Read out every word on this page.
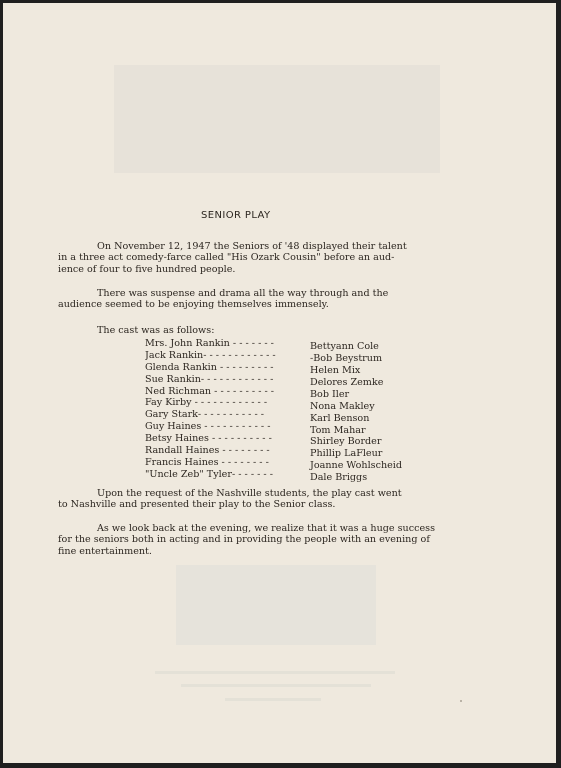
SENIOR PLAY

On November 12, 1947 the Seniors of '48 displayed their talent
in a three act comedy-farce called "His Ozark Cousin" before an aud-
ience of four to five hundred people.

There was suspense and drama all the way through and the
audience seemed to be enjoying themselves immensely.

The cast was as follows:

Mrs. John Rankin - - - - - - -	Bettyann Cole
Jack Rankin- - - - - - - - - - - -	-Bob Beystrum
Glenda Rankin - - - - - - - - -	Helen Mix
Sue Rankin- - - - - - - - - - - -	Delores Zemke
Ned Richman - - - - - - - - - -	Bob Iler
Fay Kirby - - - - - - - - - - - -	Nona Makley
Gary Stark- - - - - - - - - - -	Karl Benson
Guy Haines - - - - - - - - - - -	Tom Mahar
Betsy Haines - - - - - - - - - -	Shirley Border
Randall Haines - - - - - - - -	Phillip LaFleur
Francis Haines - - - - - - - -	Joanne Wohlscheid
"Uncle Zeb" Tyler- - - - - - -	Dale Briggs

Upon the request of the Nashville students, the play cast went
to Nashville and presented their play to the Senior class.

As we look back at the evening, we realize that it was a huge success
for the seniors both in acting and in providing the people with an evening of
fine entertainment.
